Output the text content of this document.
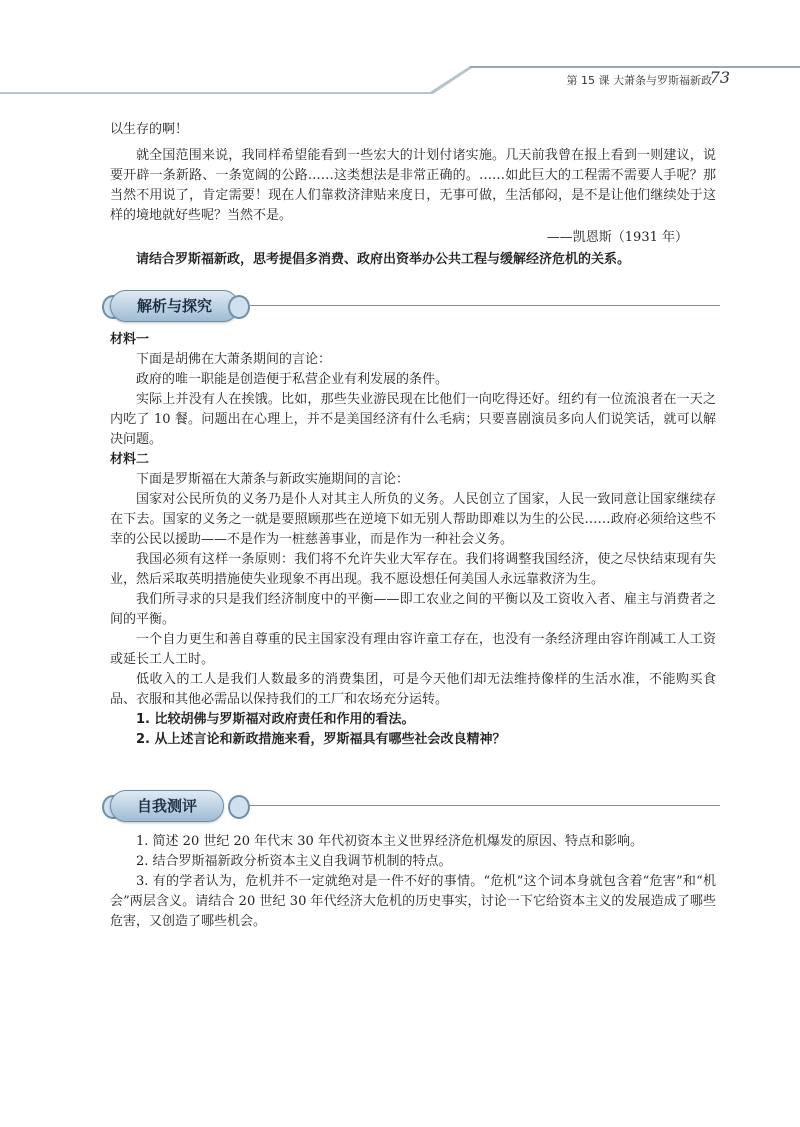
第 15 课 大萧条与罗斯福新政
73

以生存的啊！

就全国范围来说，我同样希望能看到一些宏大的计划付诸实施。几天前我曾在报上看到一则建议，说要开辟一条新路、一条宽阔的公路……这类想法是非常正确的。……如此巨大的工程需不需要人手呢？那当然不用说了，肯定需要！现在人们靠救济津贴来度日，无事可做，生活郁闷，是不是让他们继续处于这样的境地就好些呢？当然不是。

——凯恩斯（1931 年）

请结合罗斯福新政，思考提倡多消费、政府出资举办公共工程与缓解经济危机的关系。

解析与探究
材料一

下面是胡佛在大萧条期间的言论：

政府的唯一职能是创造便于私营企业有利发展的条件。

实际上并没有人在挨饿。比如，那些失业游民现在比他们一向吃得还好。纽约有一位流浪者在一天之内吃了 10 餐。问题出在心理上，并不是美国经济有什么毛病；只要喜剧演员多向人们说笑话，就可以解决问题。

材料二

下面是罗斯福在大萧条与新政实施期间的言论：

国家对公民所负的义务乃是仆人对其主人所负的义务。人民创立了国家，人民一致同意让国家继续存在下去。国家的义务之一就是要照顾那些在逆境下如无别人帮助即难以为生的公民……政府必须给这些不幸的公民以援助——不是作为一桩慈善事业，而是作为一种社会义务。

我国必须有这样一条原则：我们将不允许失业大军存在。我们将调整我国经济，使之尽快结束现有失业，然后采取英明措施使失业现象不再出现。我不愿设想任何美国人永远靠救济为生。

我们所寻求的只是我们经济制度中的平衡——即工农业之间的平衡以及工资收入者、雇主与消费者之间的平衡。

一个自力更生和善自尊重的民主国家没有理由容许童工存在，也没有一条经济理由容许削减工人工资或延长工人工时。

低收入的工人是我们人数最多的消费集团，可是今天他们却无法维持像样的生活水准，不能购买食品、衣服和其他必需品以保持我们的工厂和农场充分运转。

1. 比较胡佛与罗斯福对政府责任和作用的看法。

2. 从上述言论和新政措施来看，罗斯福具有哪些社会改良精神？

自我测评

1. 简述 20 世纪 20 年代末 30 年代初资本主义世界经济危机爆发的原因、特点和影响。

2. 结合罗斯福新政分析资本主义自我调节机制的特点。

3. 有的学者认为，危机并不一定就绝对是一件不好的事情。“危机”这个词本身就包含着“危害”和“机会”两层含义。请结合 20 世纪 30 年代经济大危机的历史事实，讨论一下它给资本主义的发展造成了哪些危害，又创造了哪些机会。
